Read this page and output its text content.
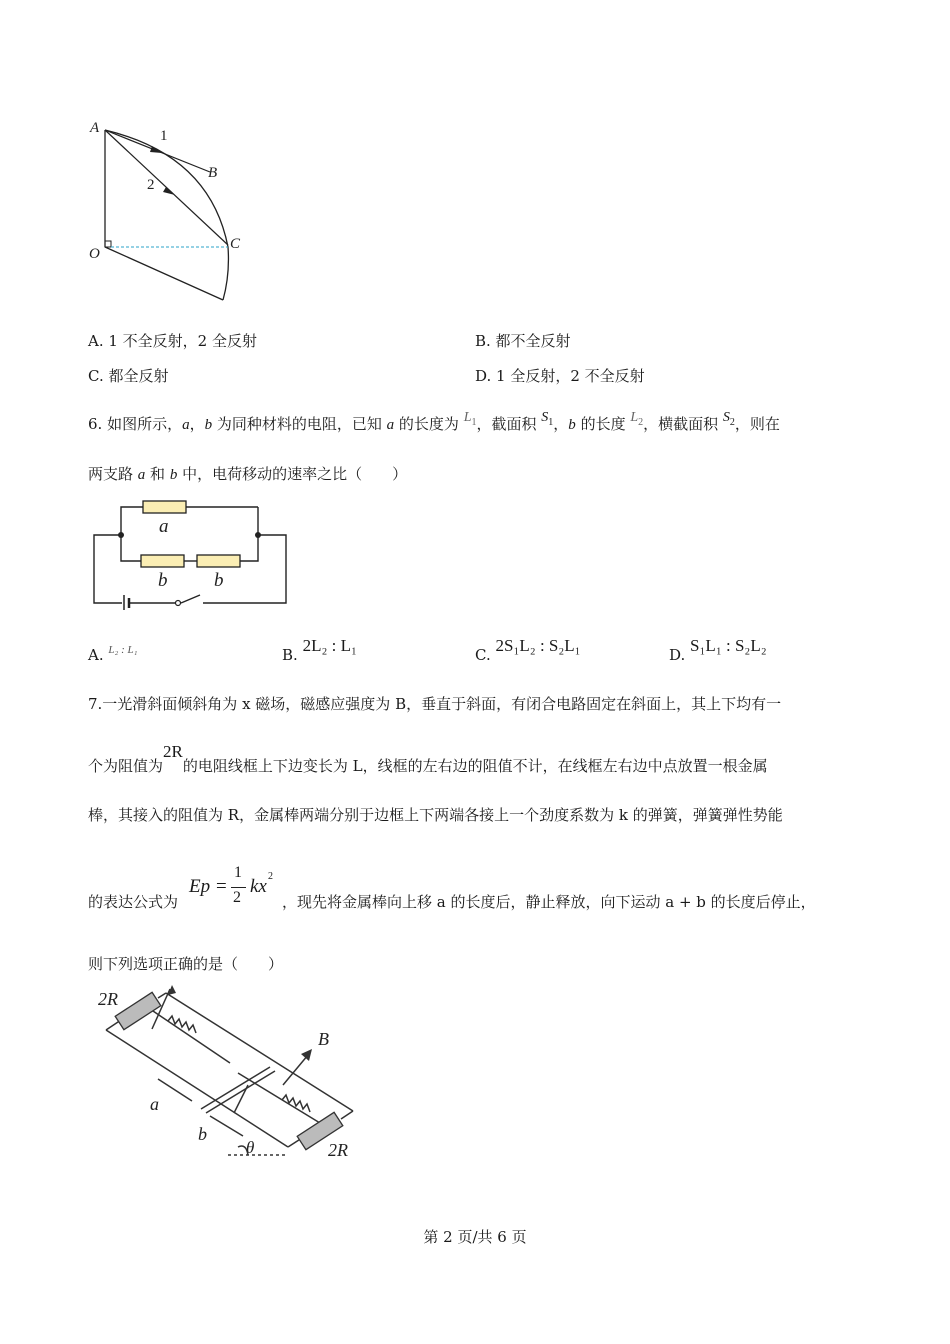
A	1
B
2
C
O
A. 1 不全反射，2 全反射	B. 都不全反射
C. 都全反射	D. 1 全反射，2 不全反射
6. 如图所示，a，b 为同种材料的电阻，已知 a 的长度为 $L_1$，截面积 $S_1$，b 的长度 $L_2$，横截面积 $S_2$，则在
两支路 a 和 b 中，电荷移动的速率之比（　　）
a
b b
A. $^{L_2 : L_1}$	B. 2L₂ : L₁	C. 2S₁L₂ : S₂L₁	D. S₁L₁ : S₂L₂
7.一光滑斜面倾斜角为 x 磁场，磁感应强度为 B，垂直于斜面，有闭合电路固定在斜面上，其上下均有一
个为阻值为2R的电阻线框上下边变长为 L，线框的左右边的阻值不计，在线框左右边中点放置一根金属
棒，其接入的阻值为 R，金属棒两端分别于边框上下两端各接上一个劲度系数为 k 的弹簧，弹簧弹性势能
的表达公式为
Ep =
1
2
kx 2
，现先将金属棒向上移 a 的长度后，静止释放，向下运动 a + b 的长度后停止，
则下列选项正确的是（　　）
2R
B
a
b
θ	2R
第 2 页/共 6 页
